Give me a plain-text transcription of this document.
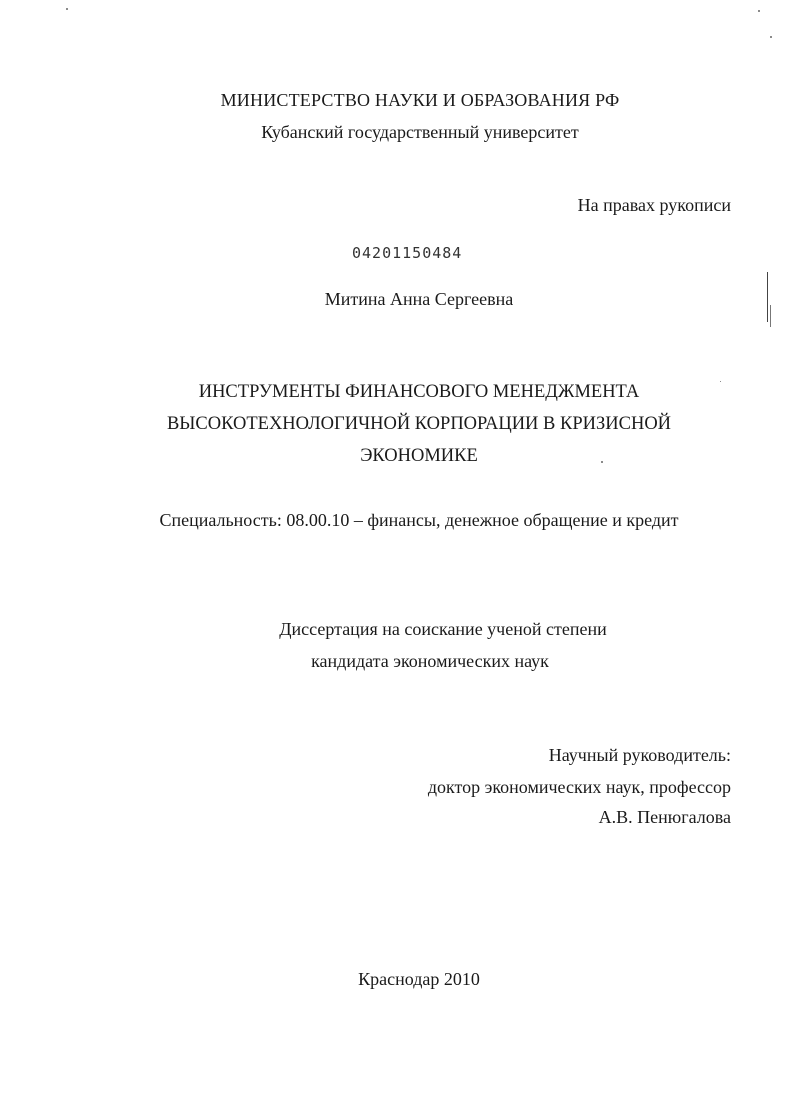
МИНИСТЕРСТВО НАУКИ И ОБРАЗОВАНИЯ РФ
Кубанский государственный университет
На правах рукописи
04201150484
Митина Анна Сергеевна
ИНСТРУМЕНТЫ ФИНАНСОВОГО МЕНЕДЖМЕНТА
ВЫСОКОТЕХНОЛОГИЧНОЙ КОРПОРАЦИИ В КРИЗИСНОЙ
ЭКОНОМИКЕ
Специальность: 08.00.10 – финансы, денежное обращение и кредит
Диссертация на соискание ученой степени
кандидата экономических наук
Научный руководитель:
доктор экономических наук, профессор
А.В. Пенюгалова
Краснодар 2010
